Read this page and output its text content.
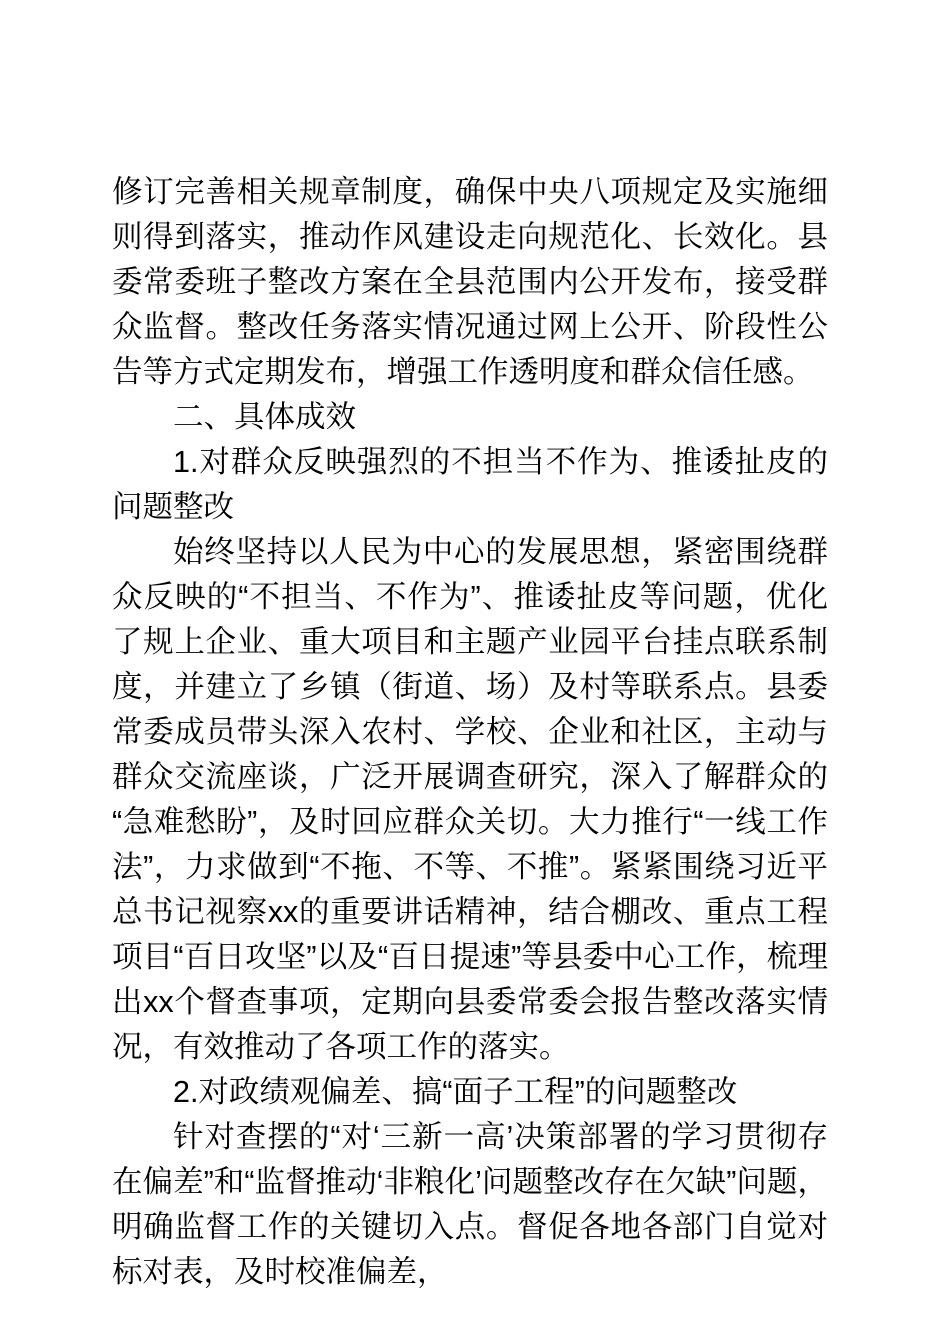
修订完善相关规章制度，确保中央八项规定及实施细则得到落实，推动作风建设走向规范化、长效化。县委常委班子整改方案在全县范围内公开发布，接受群众监督。整改任务落实情况通过网上公开、阶段性公告等方式定期发布，增强工作透明度和群众信任感。

二、具体成效

1.对群众反映强烈的不担当不作为、推诿扯皮的问题整改

始终坚持以人民为中心的发展思想，紧密围绕群众反映的“不担当、不作为”、推诿扯皮等问题，优化了规上企业、重大项目和主题产业园平台挂点联系制度，并建立了乡镇（街道、场）及村等联系点。县委常委成员带头深入农村、学校、企业和社区，主动与群众交流座谈，广泛开展调查研究，深入了解群众的“急难愁盼”，及时回应群众关切。大力推行“一线工作法”，力求做到“不拖、不等、不推”。紧紧围绕习近平总书记视察xx的重要讲话精神，结合棚改、重点工程项目“百日攻坚”以及“百日提速”等县委中心工作，梳理出xx个督查事项，定期向县委常委会报告整改落实情况，有效推动了各项工作的落实。

2.对政绩观偏差、搞“面子工程”的问题整改

针对查摆的“对‘三新一高’决策部署的学习贯彻存在偏差”和“监督推动‘非粮化’问题整改存在欠缺”问题，明确监督工作的关键切入点。督促各地各部门自觉对标对表，及时校准偏差，
